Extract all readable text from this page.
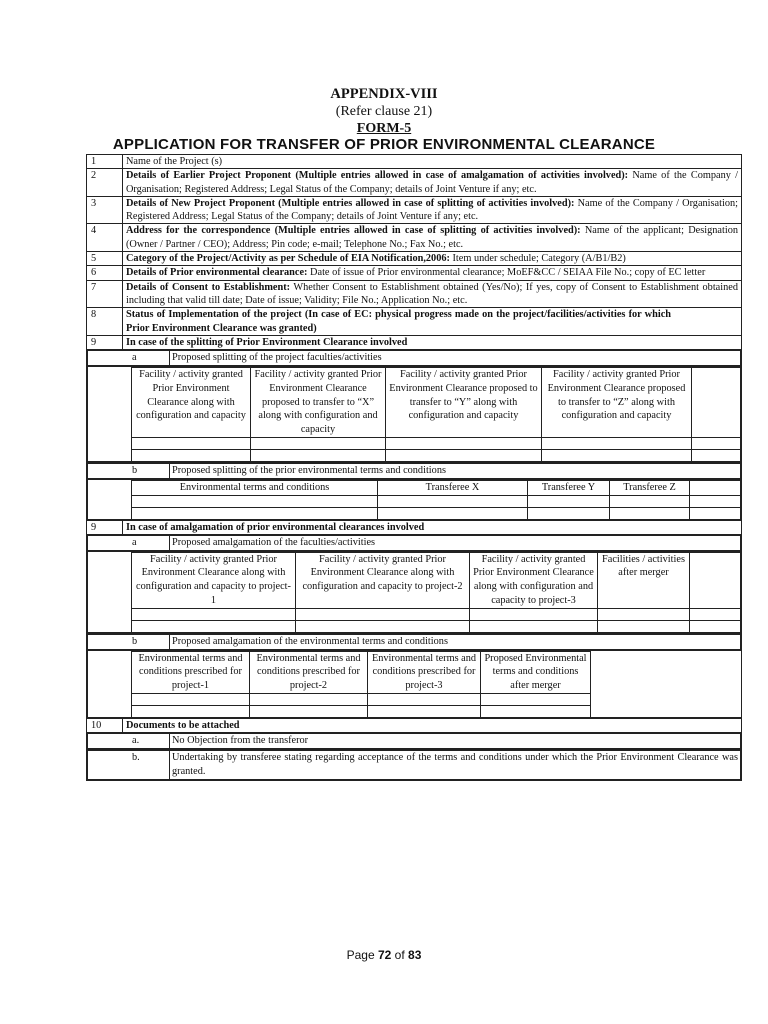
APPENDIX-VIII
(Refer clause 21)
FORM-5
APPLICATION FOR TRANSFER OF PRIOR ENVIRONMENTAL CLEARANCE
1	Name of the Project (s)
2	Details of Earlier Project Proponent (Multiple entries allowed in case of amalgamation of activities involved): Name of the Company / Organisation; Registered Address; Legal Status of the Company; details of Joint Venture if any; etc.
3	Details of New Project Proponent (Multiple entries allowed in case of splitting of activities involved): Name of the Company / Organisation; Registered Address; Legal Status of the Company; details of Joint Venture if any; etc.
4	Address for the correspondence (Multiple entries allowed in case of splitting of activities involved): Name of the applicant; Designation (Owner / Partner / CEO); Address; Pin code; e-mail; Telephone No.; Fax No.; etc.
5	Category of the Project/Activity as per Schedule of EIA Notification,2006: Item under schedule; Category (A/B1/B2)
6	Details of Prior environmental clearance: Date of issue of Prior environmental clearance; MoEF&CC / SEIAA File No.; copy of EC letter
7	Details of Consent to Establishment: Whether Consent to Establishment obtained (Yes/No); If yes, copy of Consent to Establishment obtained including that valid till date; Date of issue; Validity; File No.; Application No.; etc.
8	Status of Implementation of the project (In case of EC: physical progress made on the project/facilities/activities for which Prior Environment Clearance was granted)
9	In case of the splitting of Prior Environment Clearance involved

a	Proposed splitting of the project faculties/activities

	Facility / activity granted Prior Environment Clearance along with configuration and capacity	Facility / activity granted Prior Environment Clearance proposed to transfer to “X” along with configuration and capacity	Facility / activity granted Prior Environment Clearance proposed to transfer to “Y” along with configuration and capacity	Facility / activity granted Prior Environment Clearance proposed to transfer to “Z” along with configuration and capacity	

b	Proposed splitting of the prior environmental terms and conditions

	Environmental terms and conditions	Transferee X	Transferee Y	Transferee Z	

9	In case of amalgamation of prior environmental clearances involved

a	Proposed amalgamation of the faculties/activities

	Facility / activity granted Prior Environment Clearance along with configuration and capacity to project-1	Facility / activity granted Prior Environment Clearance along with configuration and capacity to project-2	Facility / activity granted Prior Environment Clearance along with configuration and capacity to project-3	Facilities / activities after merger	

b	Proposed amalgamation of the environmental terms and conditions

	Environmental terms and conditions prescribed for project-1	Environmental terms and conditions prescribed for project-2	Environmental terms and conditions prescribed for project-3	Proposed Environmental terms and conditions after merger	

10	Documents to be attached

a.	No Objection from the transferor

b.	Undertaking by transferee stating regarding acceptance of the terms and conditions under which the Prior Environment Clearance was granted.
Page 72 of 83
